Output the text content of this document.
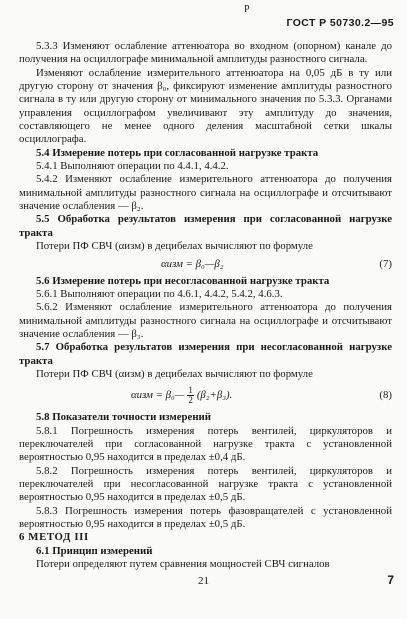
P
ГОСТ Р 50730.2—95

5.3.3 Изменяют ослабление аттенюатора во входном (опорном) канале до получения на осциллографе минимальной амплитуды разностного сигнала.

Изменяют ослабление измерительного аттенюатора на 0,05 дБ в ту или другую сторону от значения β₀, фиксируют изменение амплитуды разностного сигнала в ту или другую сторону от минимального значения по 5.3.3. Органами управления осциллографом увеличивают эту амплитуду до значения, составляющего не менее одного деления масштабной сетки шкалы осциллографа.

5.4 Измерение потерь при согласованной нагрузке тракта

5.4.1 Выполняют операции по 4.4.1, 4.4.2.

5.4.2 Изменяют ослабление измерительного аттенюатора до получения минимальной амплитуды разностного сигнала на осциллографе и отсчитывают значение ослабления — β₂.

5.5 Обработка результатов измерения при согласованной нагрузке тракта

Потери ПФ СВЧ (αизм) в децибелах вычисляют по формуле

αизм = β₀—β₂	(7)

5.6 Измерение потерь при несогласованной нагрузке тракта

5.6.1 Выполняют операции по 4.6.1, 4.4.2, 5.4.2, 4.6.3.

5.6.2 Изменяют ослабление измерительного аттенюатора до получения минимальной амплитуды разностного сигнала на осциллографе и отсчитывают значение ослабления — β₃.

5.7 Обработка результатов измерения при несогласованной нагрузке тракта

Потери ПФ СВЧ (αизм) в децибелах вычисляют по формуле

αизм = β₀— $\frac{1}{2} (\beta_2+\beta_3)$.	(8)

5.8 Показатели точности измерений

5.8.1 Погрешность измерения потерь вентилей, циркуляторов и переключателей при согласованной нагрузке тракта с установленной вероятностью 0,95 находится в пределах ±0,4 дБ.

5.8.2 Погрешность измерения потерь вентилей, циркуляторов и переключателей при несогласованной нагрузке тракта с установленной вероятностью 0,95 находится в пределах ±0,5 дБ.

5.8.3 Погрешность измерения потерь фазовращателей с установленной вероятностью 0,95 находится в пределах ±0,5 дБ.

6 МЕТОД III

6.1 Принцип измерений

Потери определяют путем сравнения мощностей СВЧ сигналов

21	7
